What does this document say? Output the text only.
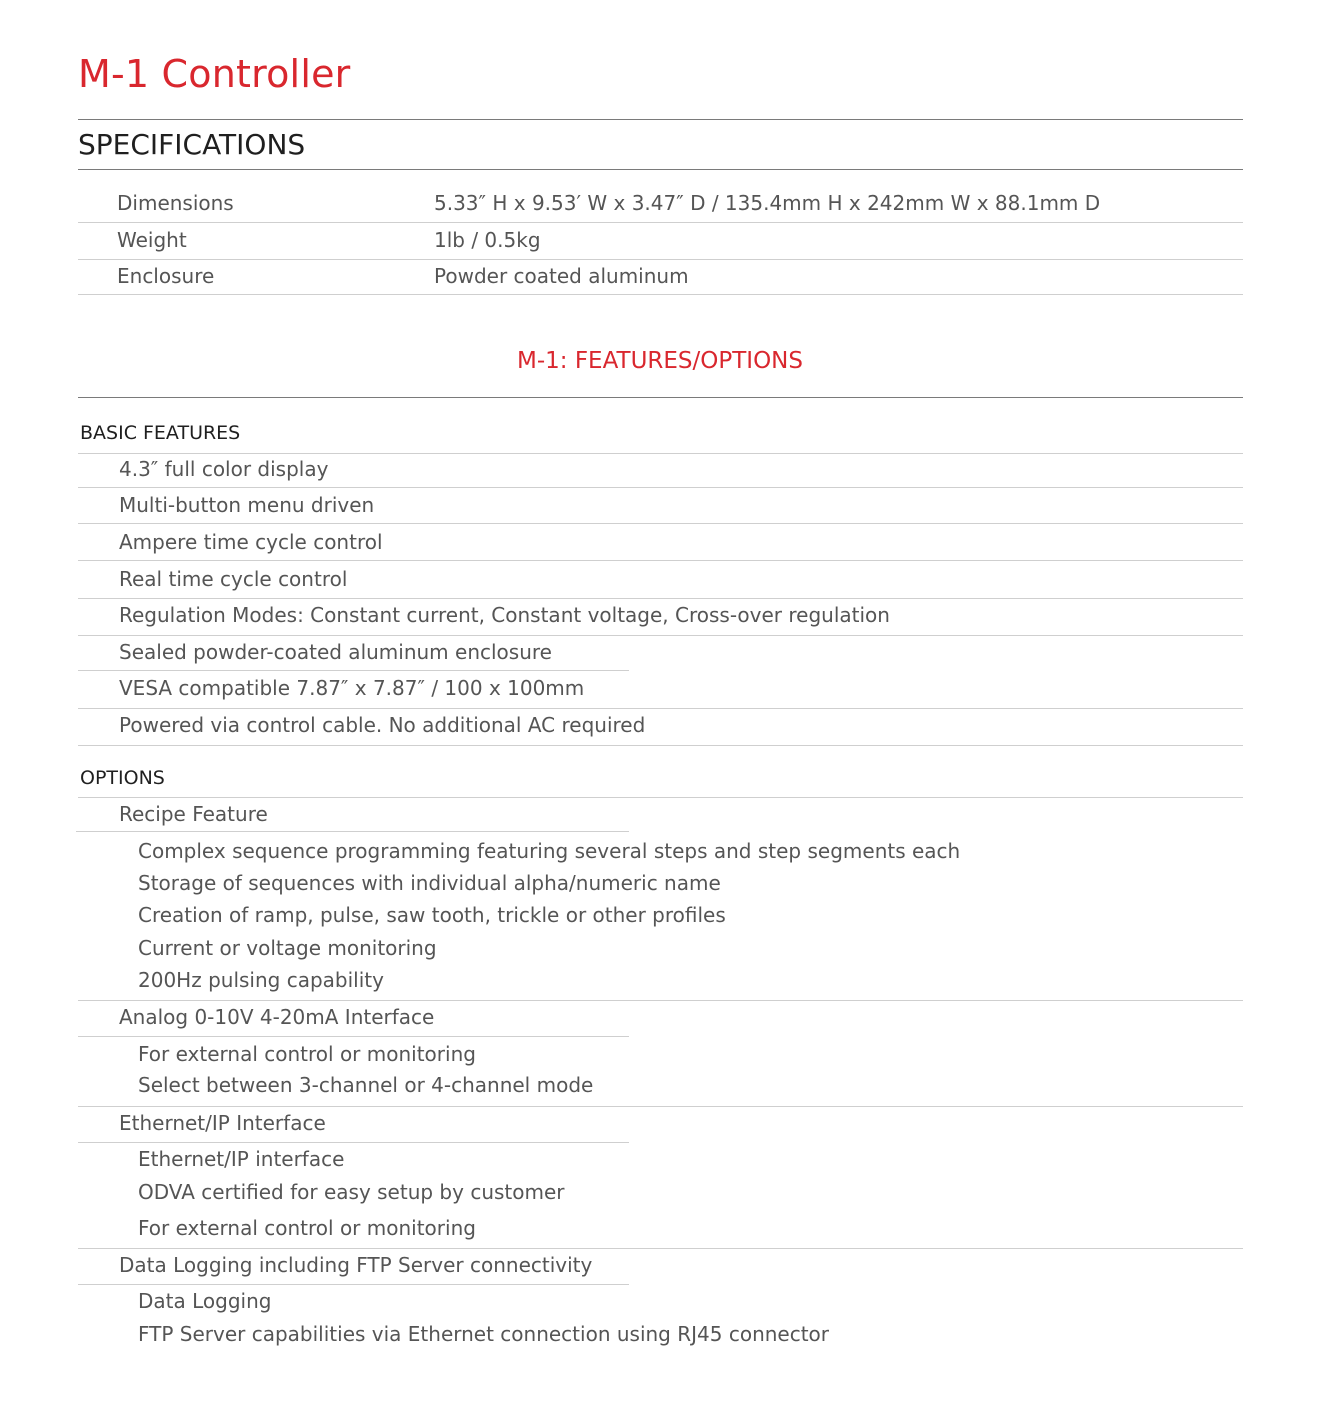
M-1 Controller
SPECIFICATIONS
Dimensions	5.33″ H x 9.53′ W x 3.47″ D / 135.4mm H x 242mm W x 88.1mm D
Weight	1lb / 0.5kg
Enclosure	Powder coated aluminum
M-1: FEATURES/OPTIONS
BASIC FEATURES
4.3″ full color display
Multi-button menu driven
Ampere time cycle control
Real time cycle control
Regulation Modes: Constant current, Constant voltage, Cross-over regulation
Sealed powder-coated aluminum enclosure
VESA compatible 7.87″ x 7.87″ / 100 x 100mm
Powered via control cable. No additional AC required
OPTIONS
Recipe Feature
Complex sequence programming featuring several steps and step segments each
Storage of sequences with individual alpha/numeric name
Creation of ramp, pulse, saw tooth, trickle or other profiles
Current or voltage monitoring
200Hz pulsing capability
Analog 0-10V 4-20mA Interface
For external control or monitoring
Select between 3-channel or 4-channel mode
Ethernet/IP Interface
Ethernet/IP interface
ODVA certified for easy setup by customer
For external control or monitoring
Data Logging including FTP Server connectivity
Data Logging
FTP Server capabilities via Ethernet connection using RJ45 connector
